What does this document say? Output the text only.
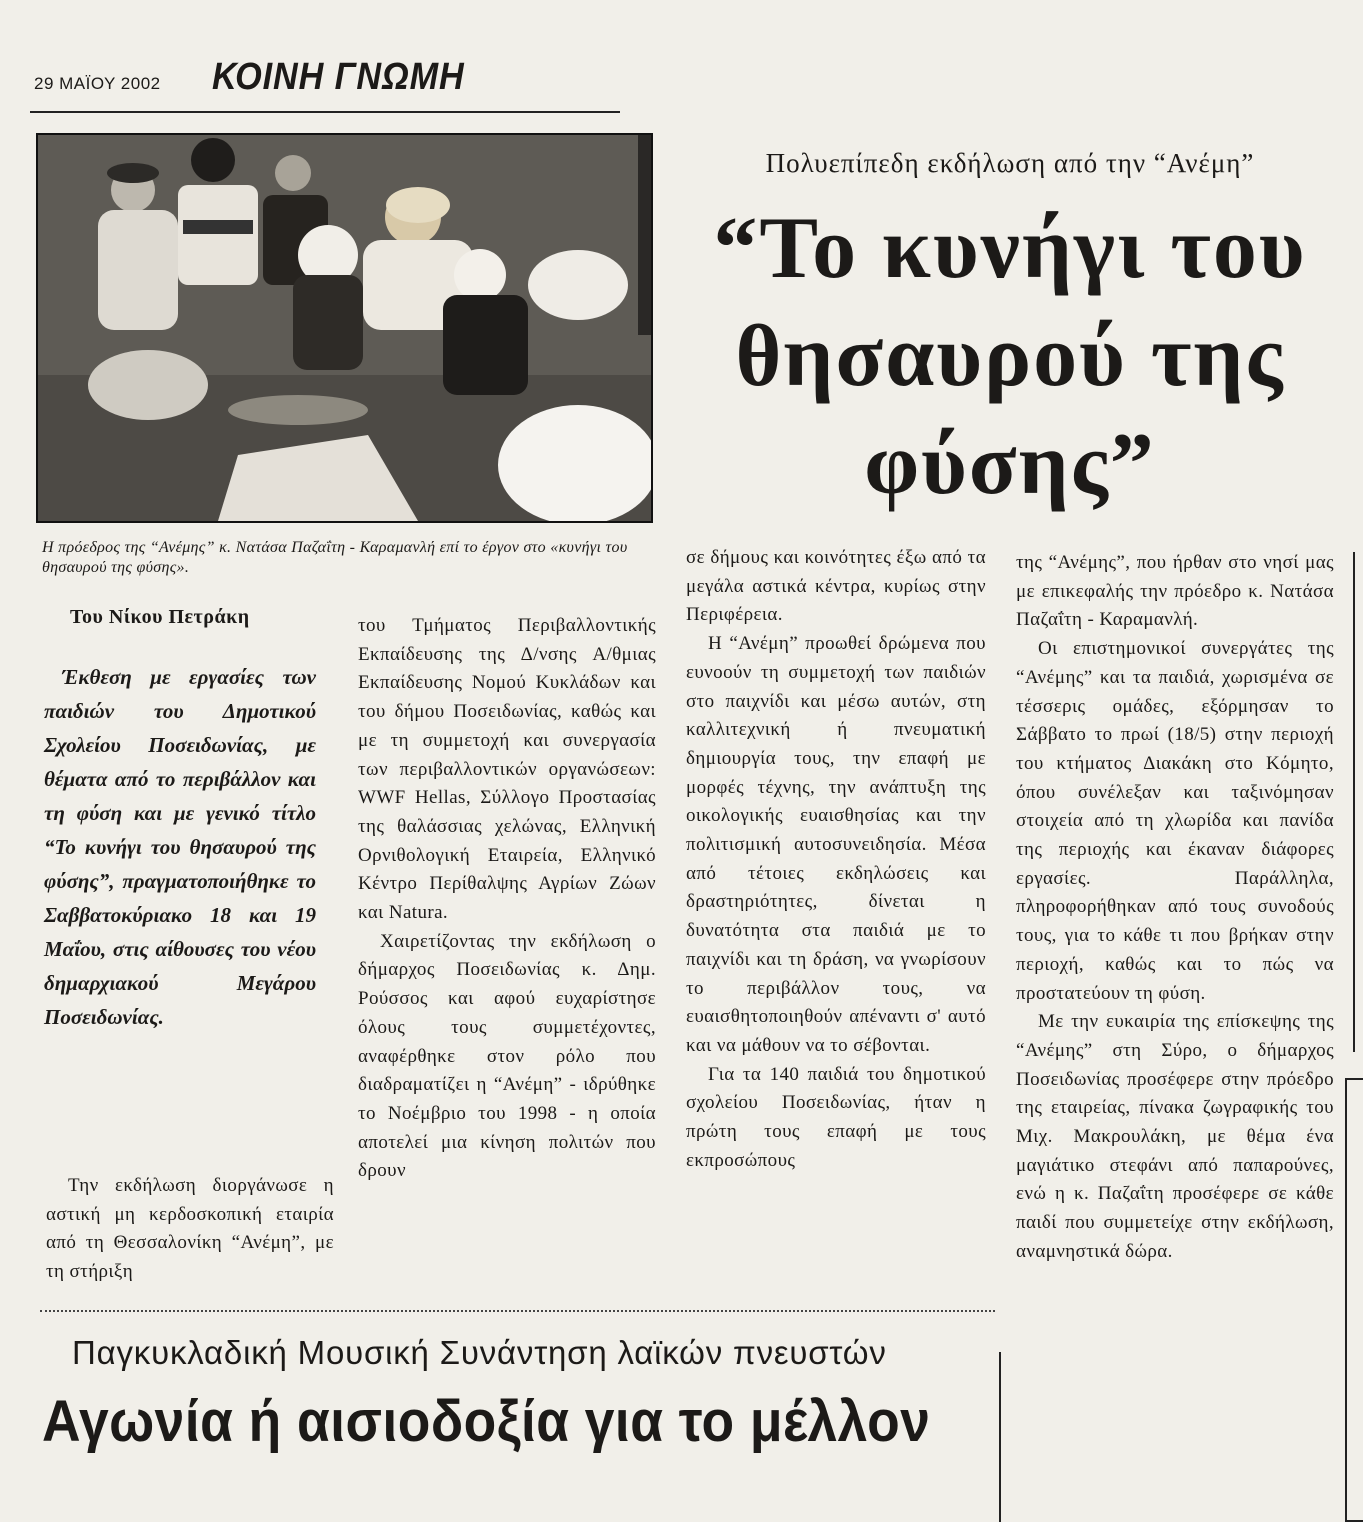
29 ΜΑΪΟΥ 2002 ΚΟΙΝΗ ΓΝΩΜΗ
Η πρόεδρος της “Ανέμης” κ. Νατάσα Παζαΐτη - Καραμανλή επί το έργον στο «κυνήγι του θησαυρού της φύσης».
Πολυεπίπεδη εκδήλωση από την “Ανέμη”
“Το κυνήγι του θησαυρού της φύσης”
Του Νίκου Πετράκη
Έκθεση με εργασίες των παιδιών του Δημοτικού Σχολείου Ποσειδωνίας, με θέματα από το περιβάλλον και τη φύση και με γενικό τίτλο “Το κυνήγι του θησαυρού της φύσης”, πραγματοποιήθηκε το Σαββατοκύριακο 18 και 19 Μαΐου, στις αίθουσες του νέου δημαρχιακού Μεγάρου Ποσειδωνίας.

Την εκδήλωση διοργάνωσε η αστική μη κερδοσκοπική εταιρία από τη Θεσσαλονίκη “Ανέμη”, με τη στήριξη

του Τμήματος Περιβαλλοντικής Εκπαίδευσης της Δ/νσης Α/θμιας Εκπαίδευσης Νομού Κυκλάδων και του δήμου Ποσειδωνίας, καθώς και με τη συμμετοχή και συνεργασία των περιβαλλοντικών οργανώσεων: WWF Hellas, Σύλλογο Προστασίας της θαλάσσιας χελώνας, Ελληνική Ορνιθολογική Εταιρεία, Ελληνικό Κέντρο Περίθαλψης Αγρίων Ζώων και Natura.

Χαιρετίζοντας την εκδήλωση ο δήμαρχος Ποσειδωνίας κ. Δημ. Ρούσσος και αφού ευχαρίστησε όλους τους συμμετέχοντες, αναφέρθηκε στον ρόλο που διαδραματίζει η “Ανέμη” - ιδρύθηκε το Νοέμβριο του 1998 - η οποία αποτελεί μια κίνηση πολιτών που δρουν

σε δήμους και κοινότητες έξω από τα μεγάλα αστικά κέντρα, κυρίως στην Περιφέρεια.

Η “Ανέμη” προωθεί δρώμενα που ευνοούν τη συμμετοχή των παιδιών στο παιχνίδι και μέσω αυτών, στη καλλιτεχνική ή πνευματική δημιουργία τους, την επαφή με μορφές τέχνης, την ανάπτυξη της οικολογικής ευαισθησίας και την πολιτισμική αυτοσυνειδησία. Μέσα από τέτοιες εκδηλώσεις και δραστηριότητες, δίνεται η δυνατότητα στα παιδιά με το παιχνίδι και τη δράση, να γνωρίσουν το περιβάλλον τους, να ευαισθητοποιηθούν απέναντι σ' αυτό και να μάθουν να το σέβονται.

Για τα 140 παιδιά του δημοτικού σχολείου Ποσειδωνίας, ήταν η πρώτη τους επαφή με τους εκπροσώπους

της “Ανέμης”, που ήρθαν στο νησί μας με επικεφαλής την πρόεδρο κ. Νατάσα Παζαΐτη - Καραμανλή.

Οι επιστημονικοί συνεργάτες της “Ανέμης” και τα παιδιά, χωρισμένα σε τέσσερις ομάδες, εξόρμησαν το Σάββατο το πρωί (18/5) στην περιοχή του κτήματος Διακάκη στο Κόμητο, όπου συνέλεξαν και ταξινόμησαν στοιχεία από τη χλωρίδα και πανίδα της περιοχής και έκαναν διάφορες εργασίες. Παράλληλα, πληροφορήθηκαν από τους συνοδούς τους, για το κάθε τι που βρήκαν στην περιοχή, καθώς και το πώς να προστατεύουν τη φύση.

Με την ευκαιρία της επίσκεψης της “Ανέμης” στη Σύρο, ο δήμαρχος Ποσειδωνίας προσέφερε στην πρόεδρο της εταιρείας, πίνακα ζωγραφικής του Μιχ. Μακρουλάκη, με θέμα ένα μαγιάτικο στεφάνι από παπαρούνες, ενώ η κ. Παζαΐτη προσέφερε σε κάθε παιδί που συμμετείχε στην εκδήλωση, αναμνηστικά δώρα.

Παγκυκλαδική Μουσική Συνάντηση λαϊκών πνευστών
Αγωνία ή αισιοδοξία για το μέλλον
